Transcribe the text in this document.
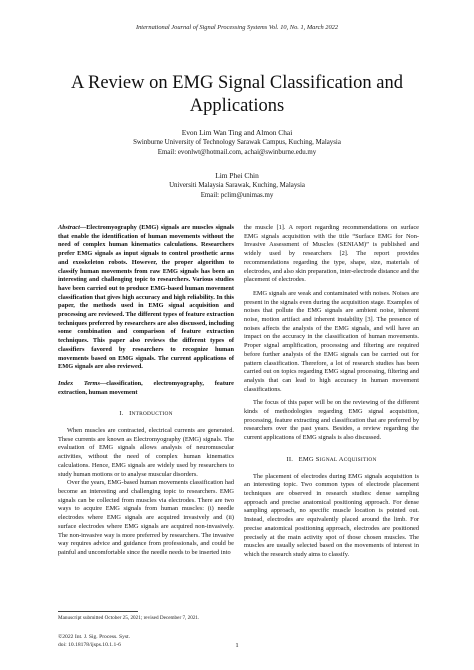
International Journal of Signal Processing Systems Vol. 10, No. 1, March 2022
A Review on EMG Signal Classification and Applications
Evon Lim Wan Ting and Almon Chai
Swinburne University of Technology Sarawak Campus, Kuching, Malaysia
Email: evonlwt@hotmail.com, achai@swinburne.edu.my
Lim Phei Chin
Universiti Malaysia Sarawak, Kuching, Malaysia
Email: pclim@unimas.my
Abstract—Electromyography (EMG) signals are muscles signals that enable the identification of human movements without the need of complex human kinematics calculations. Researchers prefer EMG signals as input signals to control prosthetic arms and exoskeleton robots. However, the proper algorithm to classify human movements from raw EMG signals has been an interesting and challenging topic to researchers. Various studies have been carried out to produce EMG-based human movement classification that gives high accuracy and high reliability. In this paper, the methods used in EMG signal acquisition and processing are reviewed. The different types of feature extraction techniques preferred by researchers are also discussed, including some combination and comparison of feature extraction techniques. This paper also reviews the different types of classifiers favored by researchers to recognize human movements based on EMG signals. The current applications of EMG signals are also reviewed.
Index Terms—classification, electromyography, feature extraction, human movement
I. INTRODUCTION

When muscles are contracted, electrical currents are generated. These currents are known as Electromyography (EMG) signals. The evaluation of EMG signals allows analysis of neuromuscular activities, without the need of complex human kinematics calculations. Hence, EMG signals are widely used by researchers to study human motions or to analyse muscular disorders.

Over the years, EMG-based human movements classification had become an interesting and challenging topic to researchers. EMG signals can be collected from muscles via electrodes. There are two ways to acquire EMG signals from human muscles: (i) needle electrodes where EMG signals are acquired invasively and (ii) surface electrodes where EMG signals are acquired non-invasively. The non-invasive way is more preferred by researchers. The invasive way requires advice and guidance from professionals, and could be painful and uncomfortable since the needle needs to be inserted into

the muscle [1]. A report regarding recommendations on surface EMG signals acquisition with the title “Surface EMG for Non-Invasive Assessment of Muscles (SENIAM)” is published and widely used by researchers [2]. The report provides recommendations regarding the type, shape, size, materials of electrodes, and also skin preparation, inter-electrode distance and the placement of electrodes.

EMG signals are weak and contaminated with noises. Noises are present in the signals even during the acquisition stage. Examples of noises that pollute the EMG signals are ambient noise, inherent noise, motion artifact and inherent instability [3]. The presence of noises affects the analysis of the EMG signals, and will have an impact on the accuracy in the classification of human movements. Proper signal amplification, processing and filtering are required before further analysis of the EMG signals can be carried out for pattern classification. Therefore, a lot of research studies has been carried out on topics regarding EMG signal processing, filtering and analysis that can lead to high accuracy in human movement classifications.

The focus of this paper will be on the reviewing of the different kinds of methodologies regarding EMG signal acquisition, processing, feature extracting and classification that are preferred by researchers over the past years. Besides, a review regarding the current applications of EMG signals is also discussed.

II. EMG SIGNAL ACQUISITION

The placement of electrodes during EMG signals acquisition is an interesting topic. Two common types of electrode placement techniques are observed in research studies: dense sampling approach and precise anatomical positioning approach. For dense sampling approach, no specific muscle location is pointed out. Instead, electrodes are equivalently placed around the limb. For precise anatomical positioning approach, electrodes are positioned precisely at the main activity spot of those chosen muscles. The muscles are usually selected based on the movements of interest in which the research study aims to classify.

Manuscript submitted October 25, 2021; revised December 7, 2021.
©2022 Int. J. Sig. Process. Syst.
doi: 10.18178/ijsps.10.1.1-6	1
